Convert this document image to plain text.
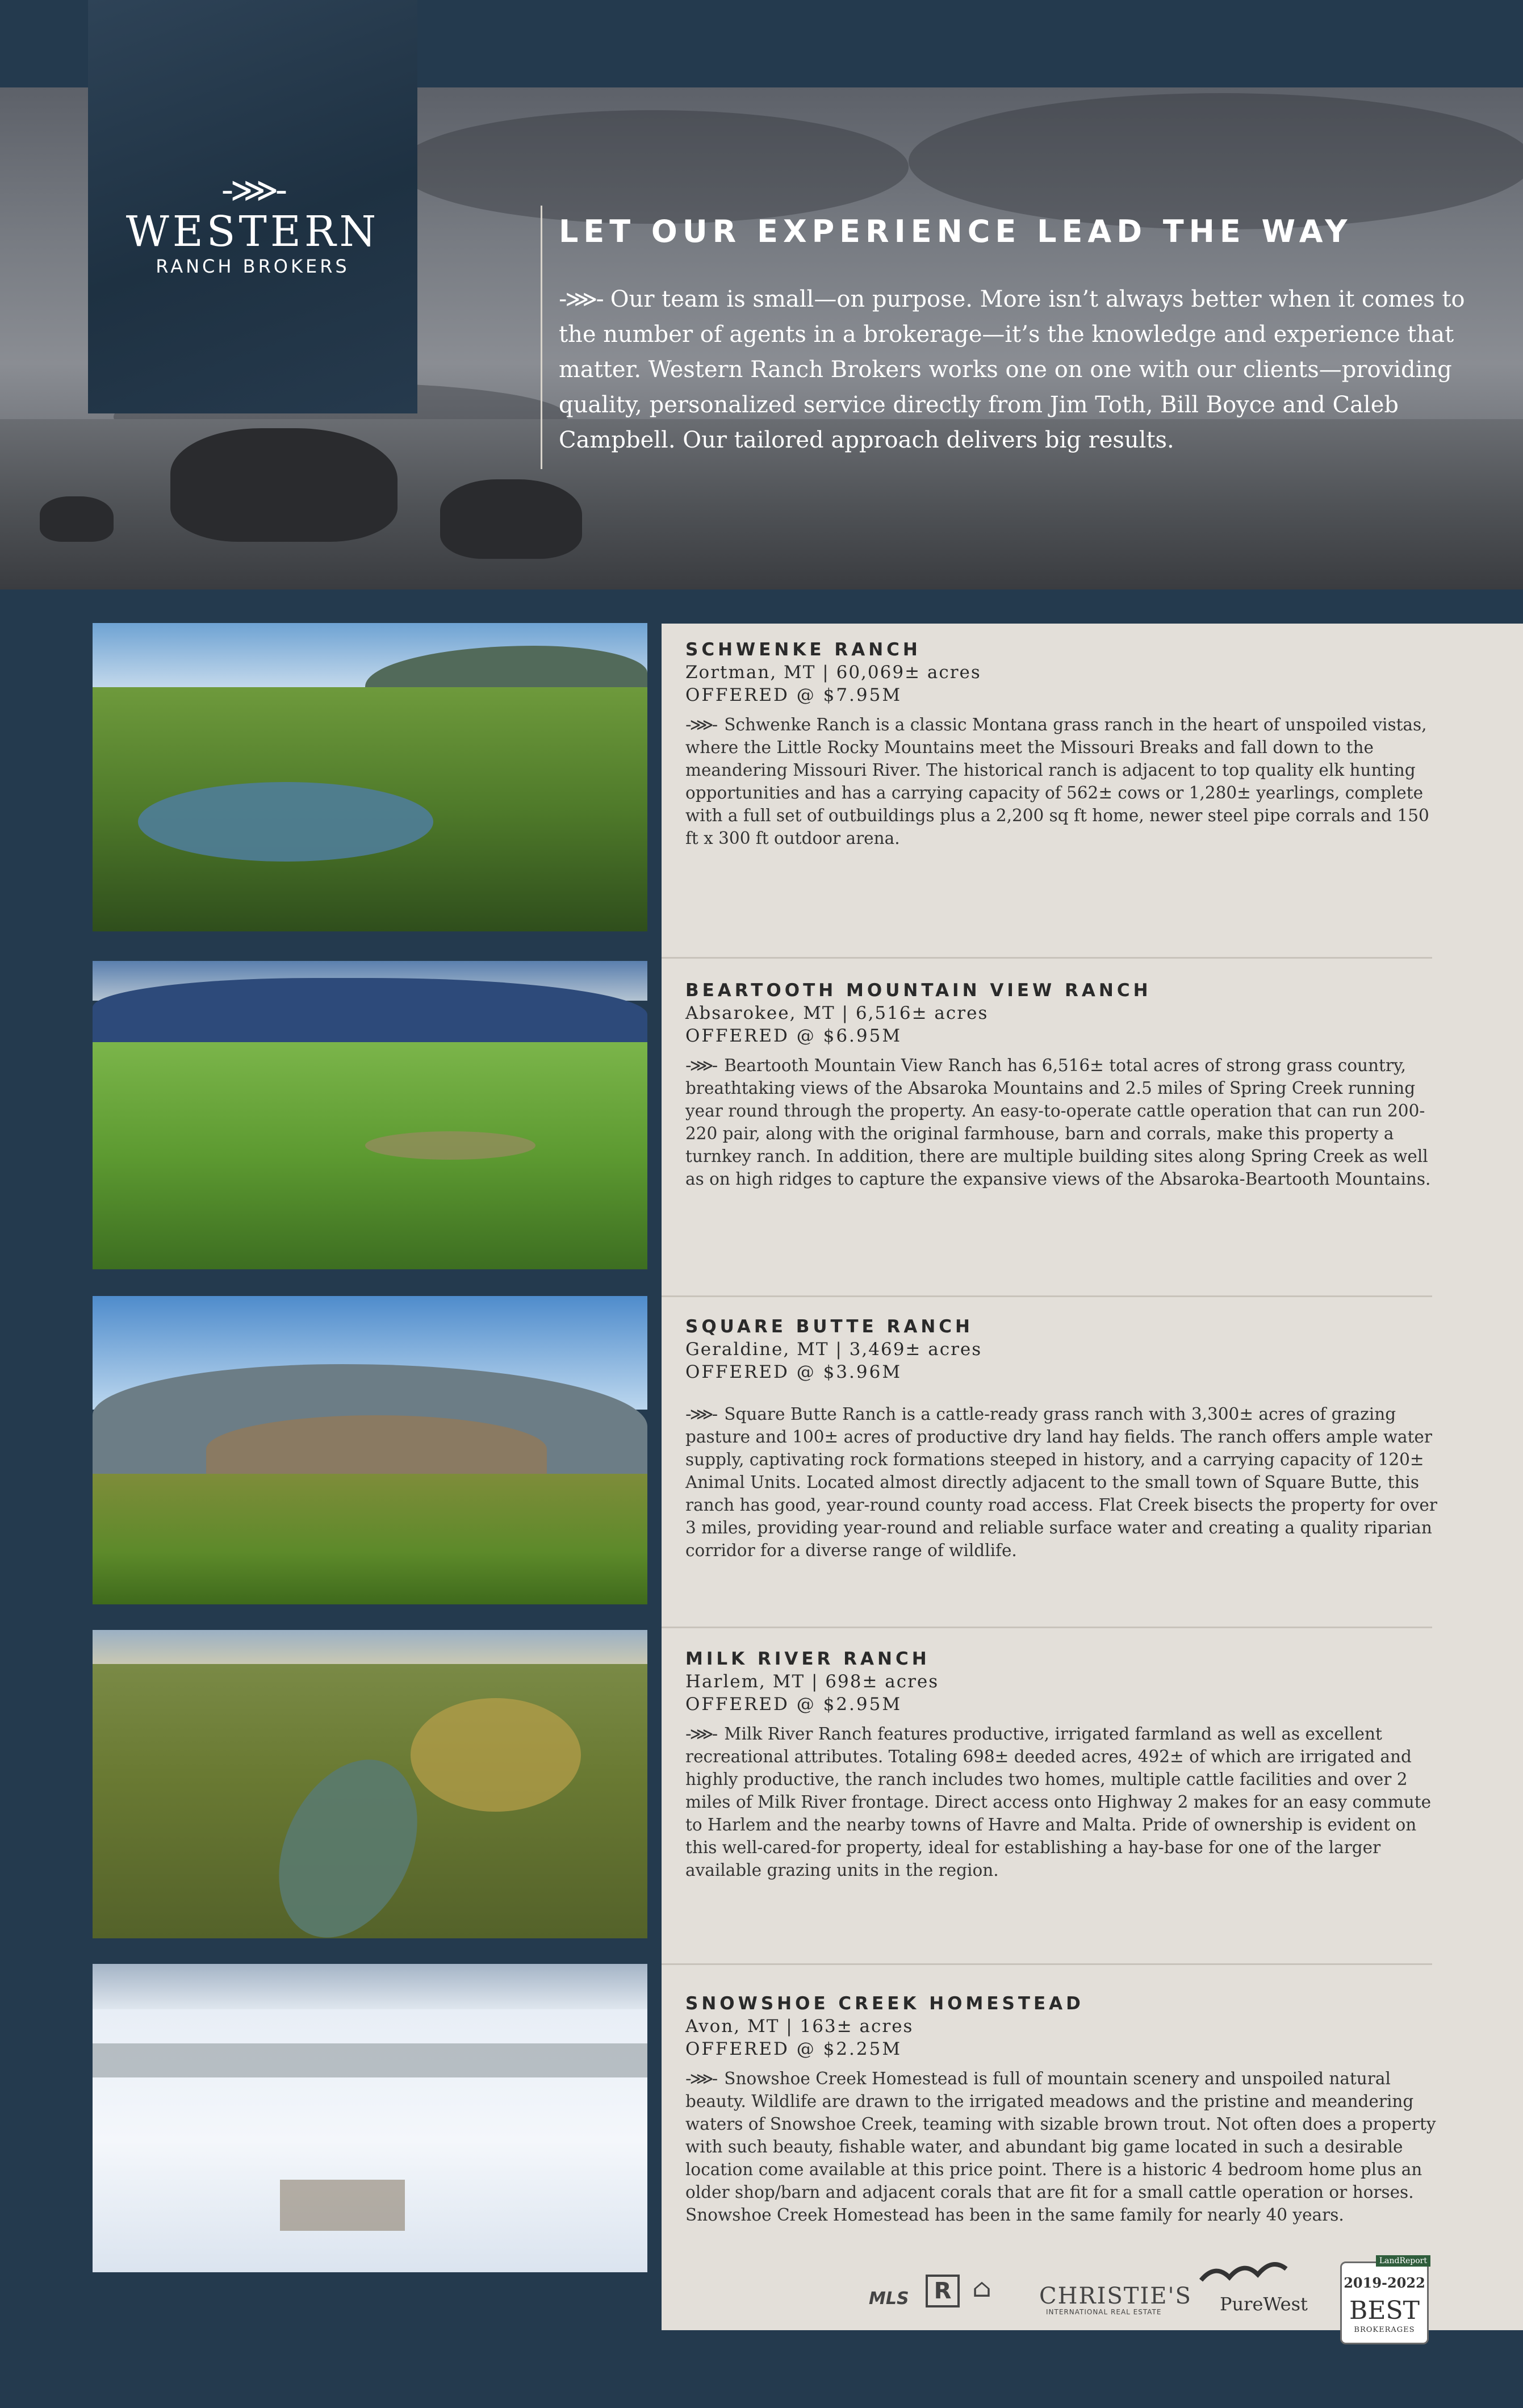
-⋙-
WESTERN
RANCH BROKERS
LET OUR EXPERIENCE LEAD THE WAY
-⋙- Our team is small—on purpose. More isn’t always better when it comes to the number of agents in a brokerage—it’s the knowledge and experience that matter. Western Ranch Brokers works one on one with our clients—providing quality, personalized service directly from Jim Toth, Bill Boyce and Caleb Campbell. Our tailored approach delivers big results.
SCHWENKE RANCH
Zortman, MT | 60,069± acres
OFFERED @ $7.95M
-⋙- Schwenke Ranch is a classic Montana grass ranch in the heart of unspoiled vistas, where the Little Rocky Mountains meet the Missouri Breaks and fall down to the meandering Missouri River. The historical ranch is adjacent to top quality elk hunting opportunities and has a carrying capacity of 562± cows or 1,280± yearlings, complete with a full set of outbuildings plus a 2,200 sq ft home, newer steel pipe corrals and 150 ft x 300 ft outdoor arena.
BEARTOOTH MOUNTAIN VIEW RANCH
Absarokee, MT | 6,516± acres
OFFERED @ $6.95M
-⋙- Beartooth Mountain View Ranch has 6,516± total acres of strong grass country, breathtaking views of the Absaroka Mountains and 2.5 miles of Spring Creek running year round through the property. An easy-to-operate cattle operation that can run 200-220 pair, along with the original farmhouse, barn and corrals, make this property a turnkey ranch. In addition, there are multiple building sites along Spring Creek as well as on high ridges to capture the expansive views of the Absaroka-Beartooth Mountains.
SQUARE BUTTE RANCH
Geraldine, MT | 3,469± acres
OFFERED @ $3.96M
-⋙- Square Butte Ranch is a cattle-ready grass ranch with 3,300± acres of grazing pasture and 100± acres of productive dry land hay fields. The ranch offers ample water supply, captivating rock formations steeped in history, and a carrying capacity of 120± Animal Units. Located almost directly adjacent to the small town of Square Butte, this ranch has good, year-round county road access. Flat Creek bisects the property for over 3 miles, providing year-round and reliable surface water and creating a quality riparian corridor for a diverse range of wildlife.
MILK RIVER RANCH
Harlem, MT | 698± acres
OFFERED @ $2.95M
-⋙- Milk River Ranch features productive, irrigated farmland as well as excellent recreational attributes. Totaling 698± deeded acres, 492± of which are irrigated and highly productive, the ranch includes two homes, multiple cattle facilities and over 2 miles of Milk River frontage. Direct access onto Highway 2 makes for an easy commute to Harlem and the nearby towns of Havre and Malta. Pride of ownership is evident on this well-cared-for property, ideal for establishing a hay-base for one of the larger available grazing units in the region.
SNOWSHOE CREEK HOMESTEAD
Avon, MT | 163± acres
OFFERED @ $2.25M
-⋙- Snowshoe Creek Homestead is full of mountain scenery and unspoiled natural beauty. Wildlife are drawn to the irrigated meadows and the pristine and meandering waters of Snowshoe Creek, teaming with sizable brown trout. Not often does a property with such beauty, fishable water, and abundant big game located in such a desirable location come available at this price point. There is a historic 4 bedroom home plus an older shop/barn and adjacent corals that are fit for a small cattle operation or horses. Snowshoe Creek Homestead has been in the same family for nearly 40 years.
MLS	R ⌂	CHRISTIE'S
INTERNATIONAL REAL ESTATE	PureWest
LandReport
2019-2022
BEST
BROKERAGES
